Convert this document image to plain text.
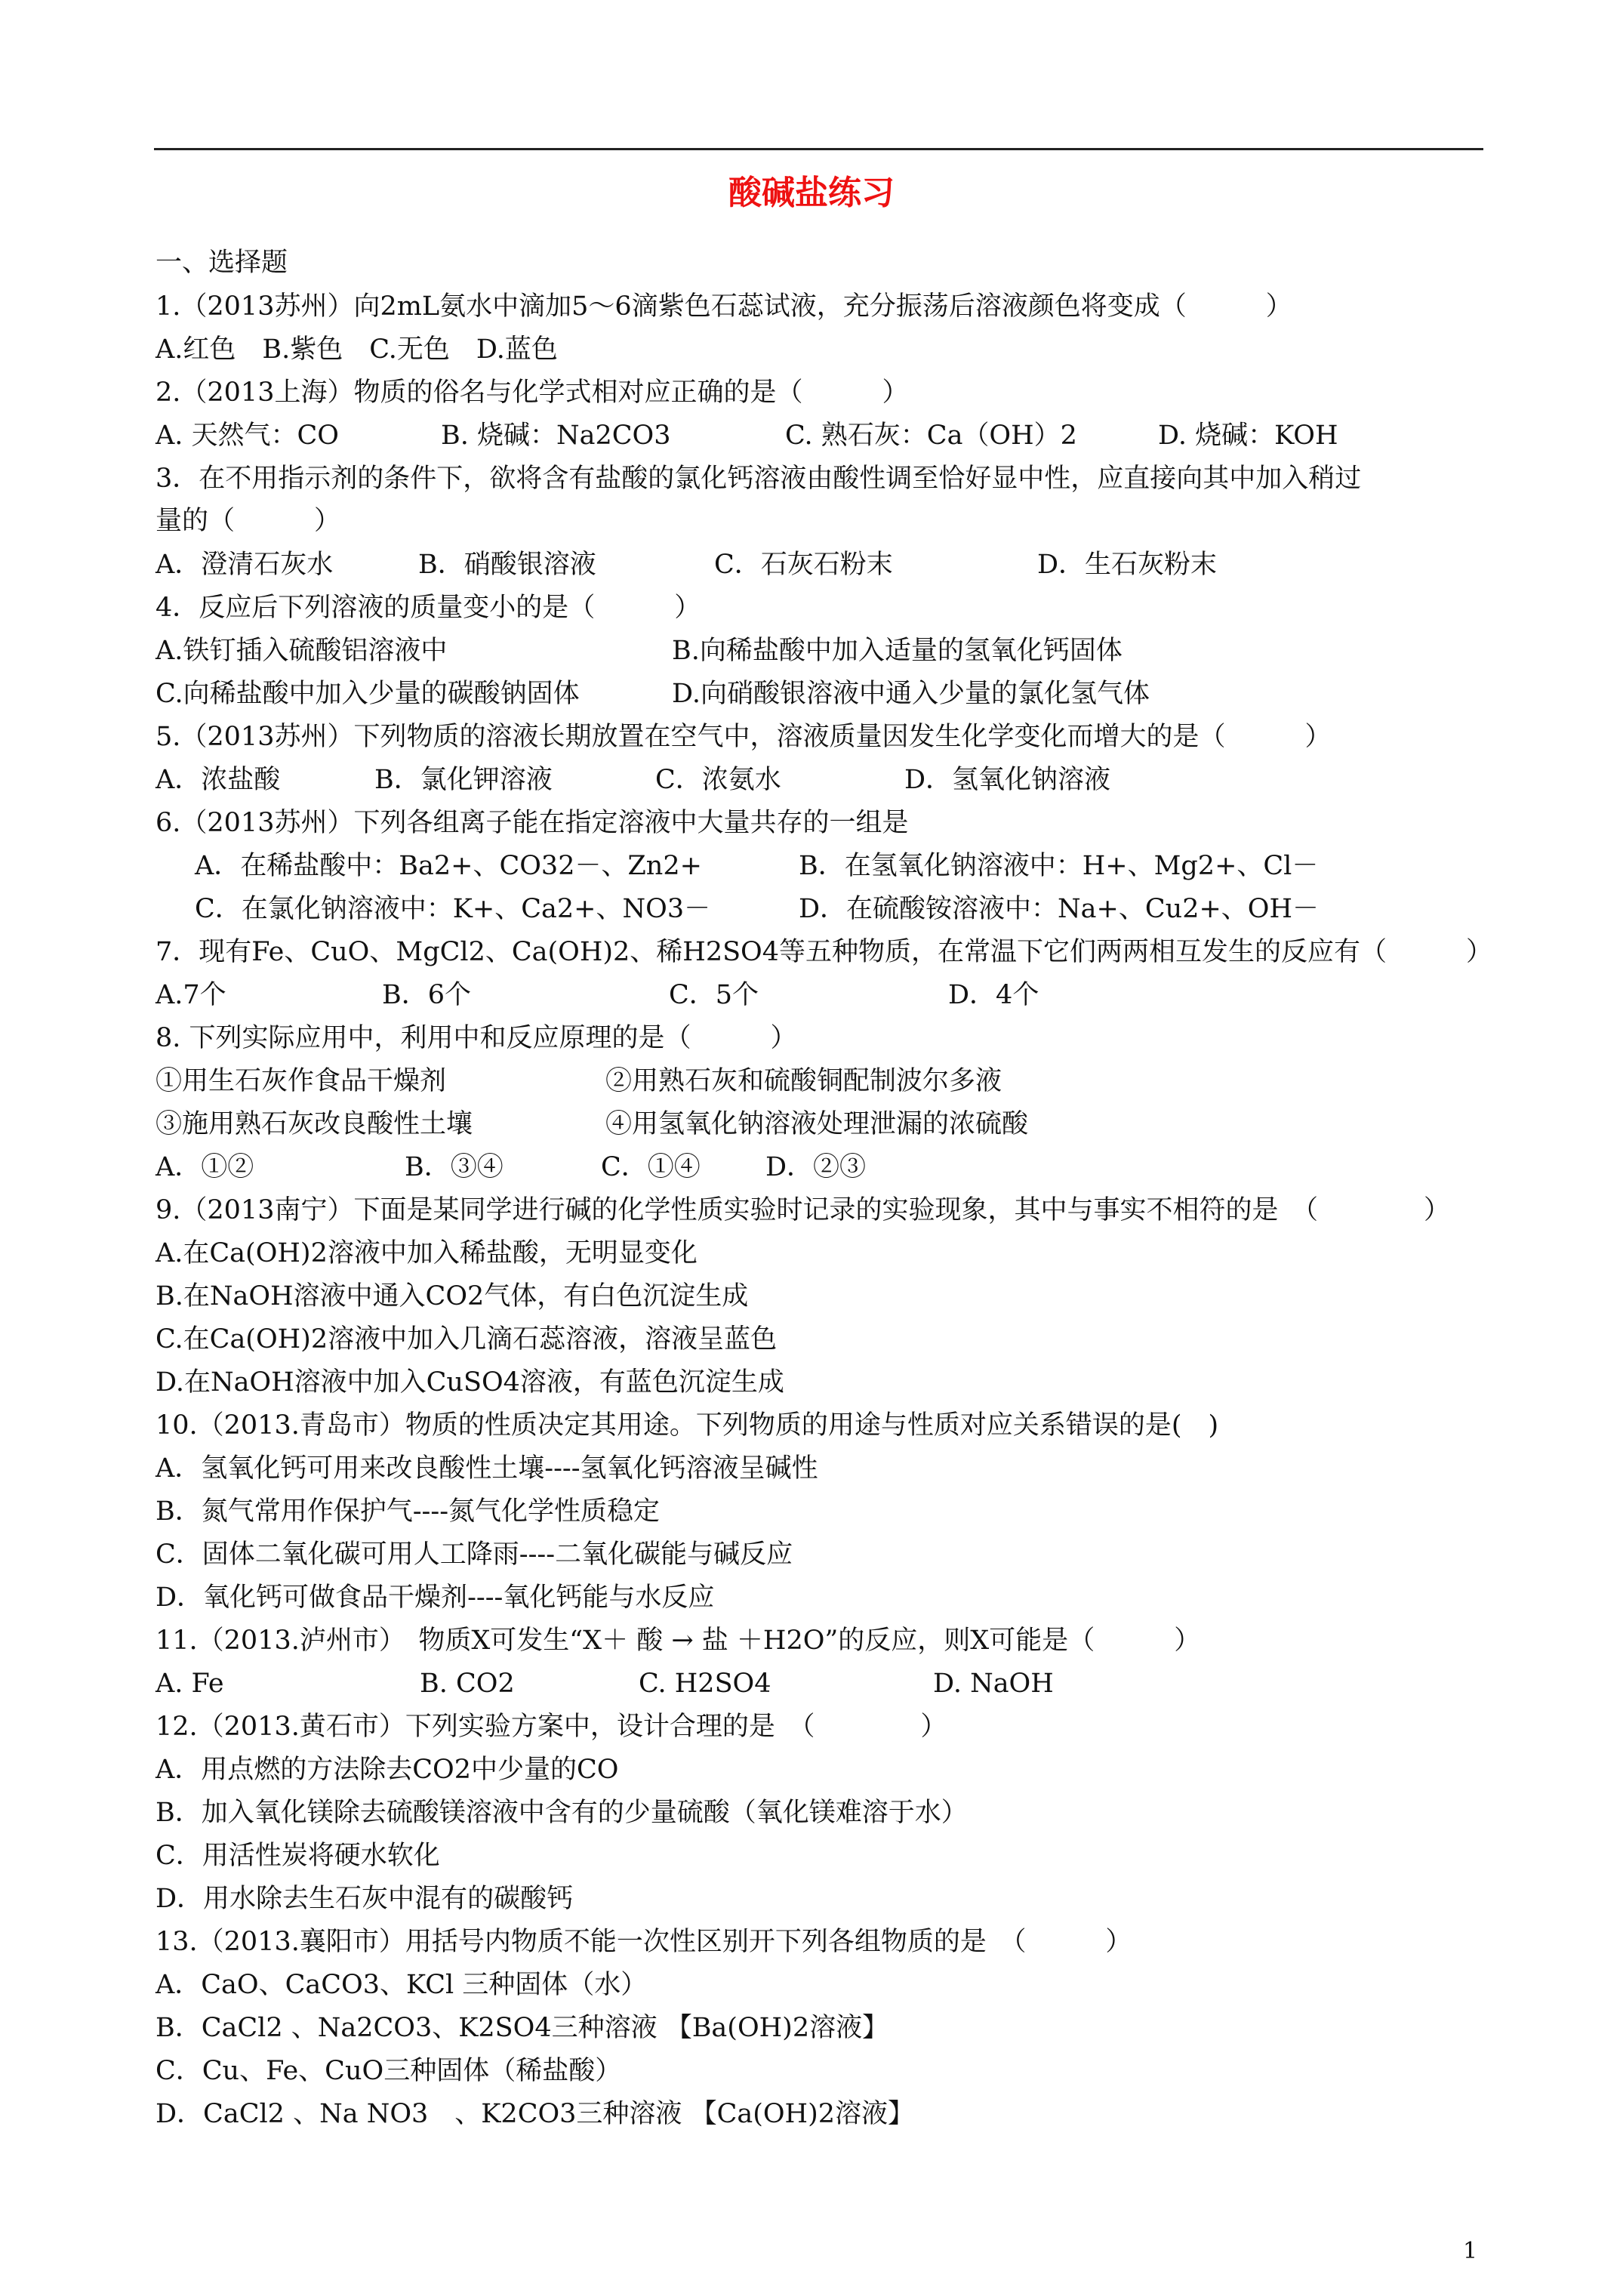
酸碱盐练习
一、选择题
1.（2013苏州）向2mL氨水中滴加5～6滴紫色石蕊试液，充分振荡后溶液颜色将变成（　　　）
A.红色　B.紫色　C.无色　D.蓝色
2.（2013上海）物质的俗名与化学式相对应正确的是（　　　）
A. 天然气：CO	B. 烧碱：Na2CO3	C. 熟石灰：Ca（OH）2	D. 烧碱：KOH
3．在不用指示剂的条件下，欲将含有盐酸的氯化钙溶液由酸性调至恰好显中性，应直接向其中加入稍过
量的（　　　）
A．澄清石灰水	B．硝酸银溶液	C．石灰石粉末	D．生石灰粉末
4．反应后下列溶液的质量变小的是（　　　）
A.铁钉插入硫酸铝溶液中	B.向稀盐酸中加入适量的氢氧化钙固体
C.向稀盐酸中加入少量的碳酸钠固体	D.向硝酸银溶液中通入少量的氯化氢气体
5.（2013苏州）下列物质的溶液长期放置在空气中，溶液质量因发生化学变化而增大的是（　　　）
A．浓盐酸	B．氯化钾溶液	C．浓氨水	D．氢氧化钠溶液
6.（2013苏州）下列各组离子能在指定溶液中大量共存的一组是
A．在稀盐酸中：Ba2+、CO32－、Zn2+	B．在氢氧化钠溶液中：H+、Mg2+、Cl－
C．在氯化钠溶液中：K+、Ca2+、NO3－	D．在硫酸铵溶液中：Na+、Cu2+、OH－
7．现有Fe、CuO、MgCl2、Ca(OH)2、稀H2SO4等五种物质，在常温下它们两两相互发生的反应有（　　　）
A.7个	B．6个	C．5个	D．4个
8. 下列实际应用中，利用中和反应原理的是（　　　）
①用生石灰作食品干燥剂	②用熟石灰和硫酸铜配制波尔多液
③施用熟石灰改良酸性土壤	④用氢氧化钠溶液处理泄漏的浓硫酸
A．①②	B．③④	C．①④ D．②③
9.（2013南宁）下面是某同学进行碱的化学性质实验时记录的实验现象，其中与事实不相符的是　（　　　　）
A.在Ca(OH)2溶液中加入稀盐酸，无明显变化
B.在NaOH溶液中通入CO2气体，有白色沉淀生成
C.在Ca(OH)2溶液中加入几滴石蕊溶液，溶液呈蓝色
D.在NaOH溶液中加入CuSO4溶液，有蓝色沉淀生成
10.（2013.青岛市）物质的性质决定其用途。下列物质的用途与性质对应关系错误的是(　)
A．氢氧化钙可用来改良酸性土壤----氢氧化钙溶液呈碱性
B．氮气常用作保护气----氮气化学性质稳定
C．固体二氧化碳可用人工降雨----二氧化碳能与碱反应
D．氧化钙可做食品干燥剂----氧化钙能与水反应
11.（2013.泸州市）　物质X可发生“X＋ 酸 → 盐 ＋H2O”的反应，则X可能是（　　　）
A. Fe	B. CO2	C. H2SO4	D. NaOH
12.（2013.黄石市）下列实验方案中，设计合理的是　（　　　　）
A．用点燃的方法除去CO2中少量的CO
B．加入氧化镁除去硫酸镁溶液中含有的少量硫酸（氧化镁难溶于水）
C．用活性炭将硬水软化
D．用水除去生石灰中混有的碳酸钙
13.（2013.襄阳市）用括号内物质不能一次性区别开下列各组物质的是　（　　　）
A．CaO、CaCO3、KCl 三种固体（水）
B．CaCl2 、Na2CO3、K2SO4三种溶液 【Ba(OH)2溶液】
C．Cu、Fe、CuO三种固体（稀盐酸）
D．CaCl2 、Na NO3　、K2CO3三种溶液 【Ca(OH)2溶液】
1
